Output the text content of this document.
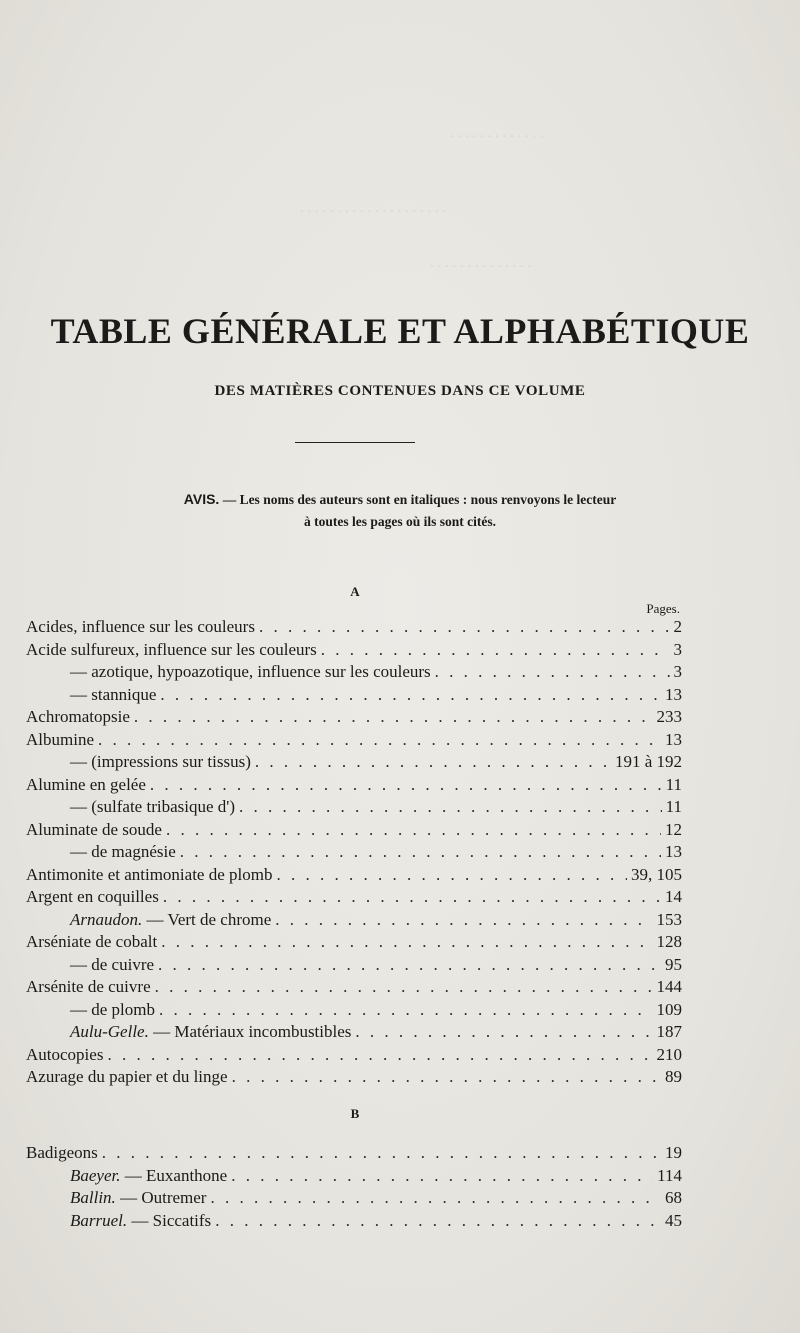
. . . . . . . . . . . . .
. . . . . . . . . . . . . . . . . . . .
. . . . . . . . . . . . . .
TABLE GÉNÉRALE ET ALPHABÉTIQUE
DES MATIÈRES CONTENUES DANS CE VOLUME
AVIS. — Les noms des auteurs sont en italiques : nous renvoyons le lecteur
à toutes les pages où ils sont cités.
A
Pages.
Acides, influence sur les couleurs . . .	2
Acide sulfureux, influence sur les couleurs . . .	3
— azotique, hypoazotique, influence sur les couleurs . . .	3
— stannique . . .	13
Achromatopsie . . .	233
Albumine . . .	13
— (impressions sur tissus) . . .	191 à 192
Alumine en gelée . . .	11
— (sulfate tribasique d') . . .	11
Aluminate de soude . . .	12
— de magnésie . . .	13
Antimonite et antimoniate de plomb . . .	39, 105
Argent en coquilles . . .	14
Arnaudon. — Vert de chrome . . .	153
Arséniate de cobalt . . .	128
— de cuivre . . .	95
Arsénite de cuivre . . .	144
— de plomb . . .	109
Aulu-Gelle. — Matériaux incombustibles . . .	187
Autocopies . . .	210
Azurage du papier et du linge . . .	89
B
Badigeons . . .	19
Baeyer. — Euxanthone . . .	114
Ballin. — Outremer . . .	68
Barruel. — Siccatifs . . .	45
